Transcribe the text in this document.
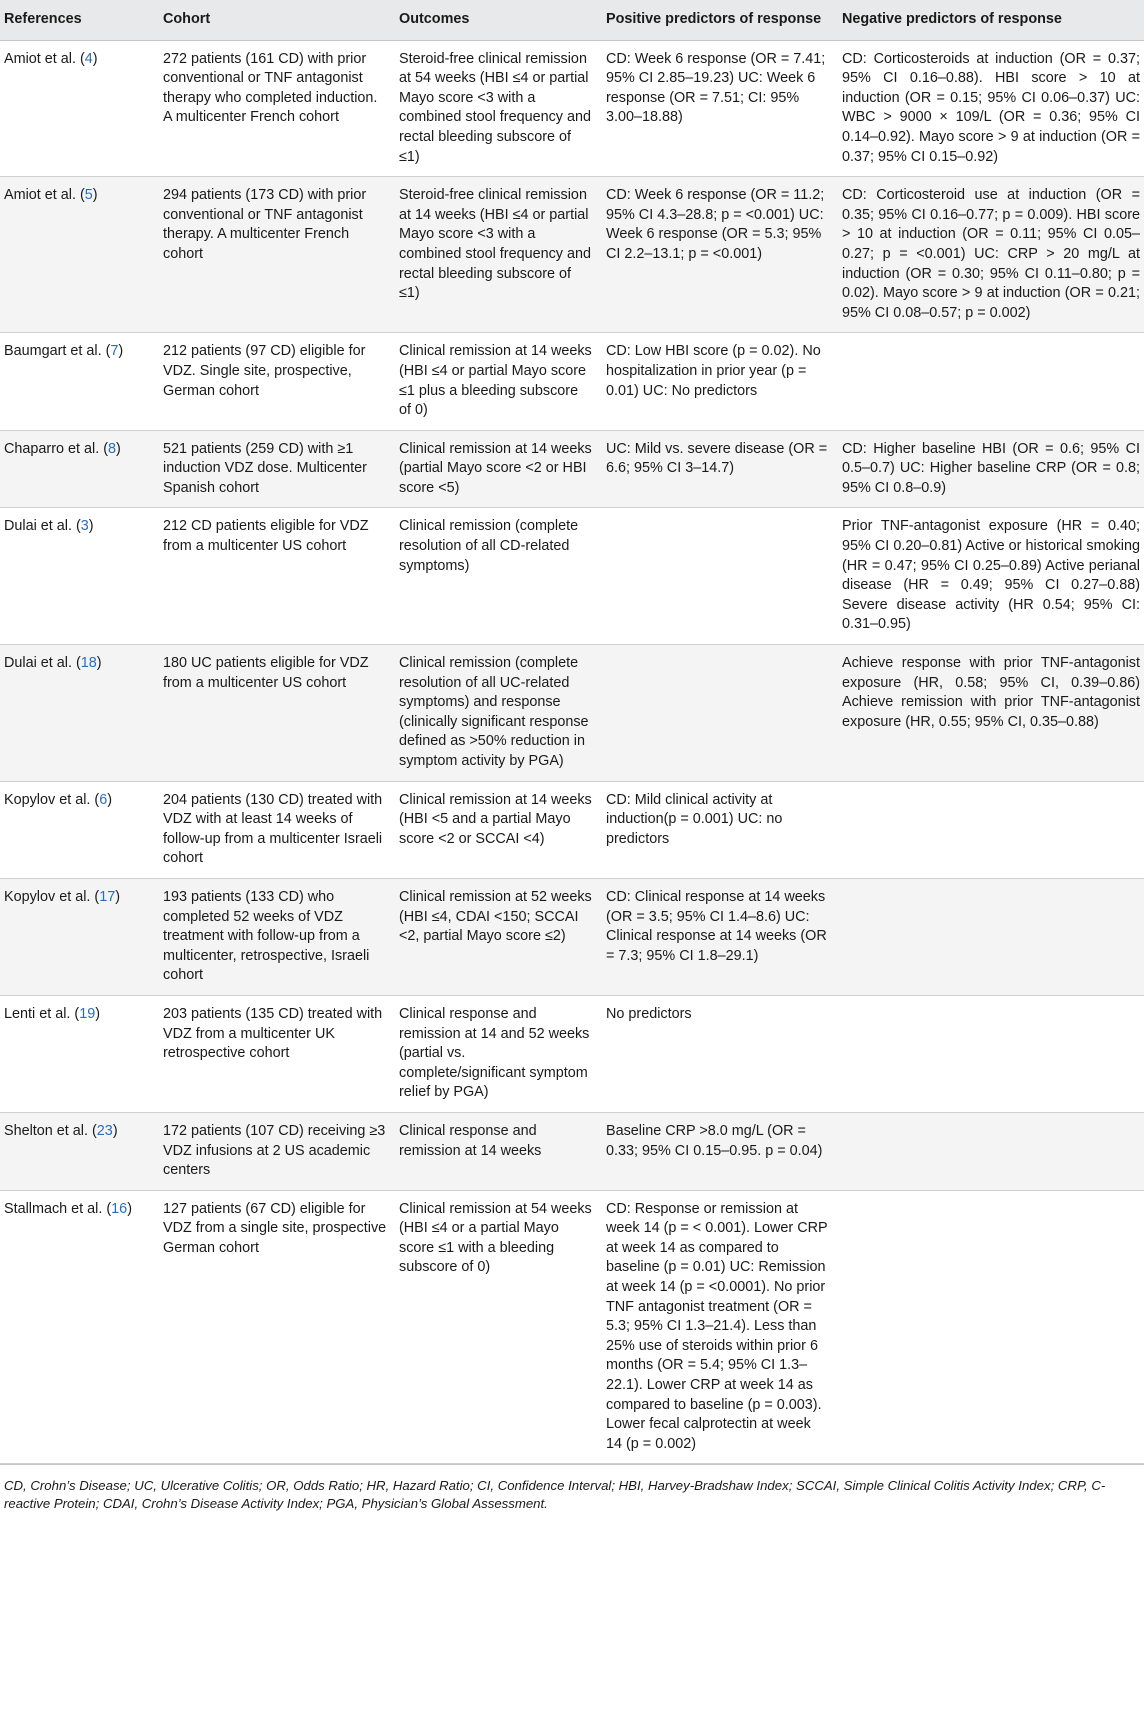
References	Cohort	Outcomes	Positive predictors of response	Negative predictors of response
Amiot et al. (4)	272 patients (161 CD) with prior conventional or TNF antagonist therapy who completed induction. A multicenter French cohort	Steroid-free clinical remission at 54 weeks (HBI ≤4 or partial Mayo score <3 with a combined stool frequency and rectal bleeding subscore of ≤1)	CD: Week 6 response (OR = 7.41; 95% CI 2.85–19.23) UC: Week 6 response (OR = 7.51; CI: 95% 3.00–18.88)	CD: Corticosteroids at induction (OR = 0.37; 95% CI 0.16–0.88). HBI score > 10 at induction (OR = 0.15; 95% CI 0.06–0.37) UC: WBC > 9000 × 109/L (OR = 0.36; 95% CI 0.14–0.92). Mayo score > 9 at induction (OR = 0.37; 95% CI 0.15–0.92)
Amiot et al. (5)	294 patients (173 CD) with prior conventional or TNF antagonist therapy. A multicenter French cohort	Steroid-free clinical remission at 14 weeks (HBI ≤4 or partial Mayo score <3 with a combined stool frequency and rectal bleeding subscore of ≤1)	CD: Week 6 response (OR = 11.2; 95% CI 4.3–28.8; p = <0.001) UC: Week 6 response (OR = 5.3; 95% CI 2.2–13.1; p = <0.001)	CD: Corticosteroid use at induction (OR = 0.35; 95% CI 0.16–0.77; p = 0.009). HBI score > 10 at induction (OR = 0.11; 95% CI 0.05–0.27; p = <0.001) UC: CRP > 20 mg/L at induction (OR = 0.30; 95% CI 0.11–0.80; p = 0.02). Mayo score > 9 at induction (OR = 0.21; 95% CI 0.08–0.57; p = 0.002)
Baumgart et al. (7)	212 patients (97 CD) eligible for VDZ. Single site, prospective, German cohort	Clinical remission at 14 weeks (HBI ≤4 or partial Mayo score ≤1 plus a bleeding subscore of 0)	CD: Low HBI score (p = 0.02). No hospitalization in prior year (p = 0.01) UC: No predictors	
Chaparro et al. (8)	521 patients (259 CD) with ≥1 induction VDZ dose. Multicenter Spanish cohort	Clinical remission at 14 weeks (partial Mayo score <2 or HBI score <5)	UC: Mild vs. severe disease (OR = 6.6; 95% CI 3–14.7)	CD: Higher baseline HBI (OR = 0.6; 95% CI 0.5–0.7) UC: Higher baseline CRP (OR = 0.8; 95% CI 0.8–0.9)
Dulai et al. (3)	212 CD patients eligible for VDZ from a multicenter US cohort	Clinical remission (complete resolution of all CD-related symptoms)		Prior TNF-antagonist exposure (HR = 0.40; 95% CI 0.20–0.81) Active or historical smoking (HR = 0.47; 95% CI 0.25–0.89) Active perianal disease (HR = 0.49; 95% CI 0.27–0.88) Severe disease activity (HR 0.54; 95% CI: 0.31–0.95)
Dulai et al. (18)	180 UC patients eligible for VDZ from a multicenter US cohort	Clinical remission (complete resolution of all UC-related symptoms) and response (clinically significant response defined as >50% reduction in symptom activity by PGA)		Achieve response with prior TNF-antagonist exposure (HR, 0.58; 95% CI, 0.39–0.86) Achieve remission with prior TNF-antagonist exposure (HR, 0.55; 95% CI, 0.35–0.88)
Kopylov et al. (6)	204 patients (130 CD) treated with VDZ with at least 14 weeks of follow-up from a multicenter Israeli cohort	Clinical remission at 14 weeks (HBI <5 and a partial Mayo score <2 or SCCAI <4)	CD: Mild clinical activity at induction(p = 0.001) UC: no predictors	
Kopylov et al. (17)	193 patients (133 CD) who completed 52 weeks of VDZ treatment with follow-up from a multicenter, retrospective, Israeli cohort	Clinical remission at 52 weeks (HBI ≤4, CDAI <150; SCCAI <2, partial Mayo score ≤2)	CD: Clinical response at 14 weeks (OR = 3.5; 95% CI 1.4–8.6) UC: Clinical response at 14 weeks (OR = 7.3; 95% CI 1.8–29.1)	
Lenti et al. (19)	203 patients (135 CD) treated with VDZ from a multicenter UK retrospective cohort	Clinical response and remission at 14 and 52 weeks (partial vs. complete/significant symptom relief by PGA)	No predictors	
Shelton et al. (23)	172 patients (107 CD) receiving ≥3 VDZ infusions at 2 US academic centers	Clinical response and remission at 14 weeks	Baseline CRP >8.0 mg/L (OR = 0.33; 95% CI 0.15–0.95. p = 0.04)	
Stallmach et al. (16)	127 patients (67 CD) eligible for VDZ from a single site, prospective German cohort	Clinical remission at 54 weeks (HBI ≤4 or a partial Mayo score ≤1 with a bleeding subscore of 0)	CD: Response or remission at week 14 (p = < 0.001). Lower CRP at week 14 as compared to baseline (p = 0.01) UC: Remission at week 14 (p = <0.0001). No prior TNF antagonist treatment (OR = 5.3; 95% CI 1.3–21.4). Less than 25% use of steroids within prior 6 months (OR = 5.4; 95% CI 1.3–22.1). Lower CRP at week 14 as compared to baseline (p = 0.003). Lower fecal calprotectin at week 14 (p = 0.002)	
CD, Crohn’s Disease; UC, Ulcerative Colitis; OR, Odds Ratio; HR, Hazard Ratio; CI, Confidence Interval; HBI, Harvey-Bradshaw Index; SCCAI, Simple Clinical Colitis Activity Index; CRP, C-reactive Protein; CDAI, Crohn’s Disease Activity Index; PGA, Physician’s Global Assessment.
